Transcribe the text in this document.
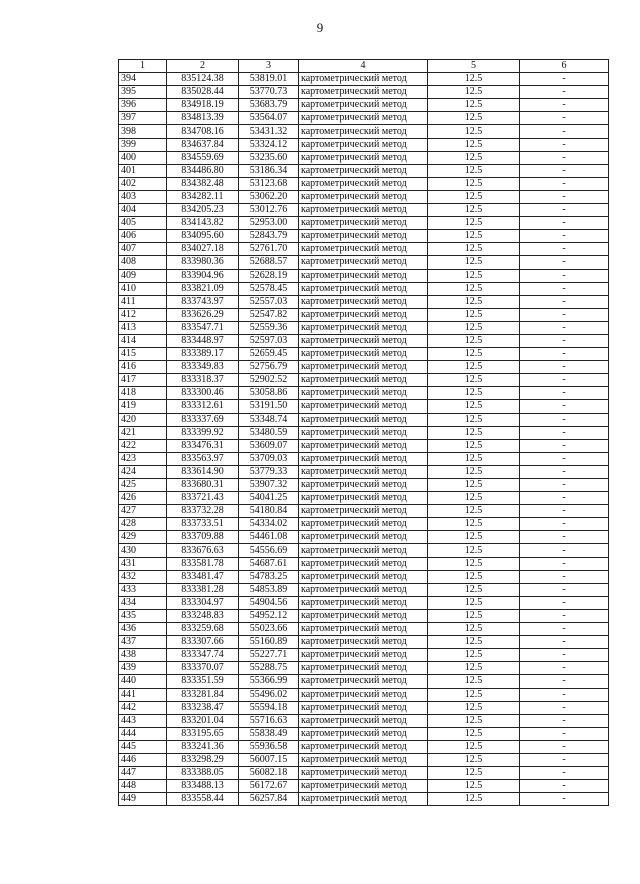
9
1	2	3	4	5	6
394	835124.38	53819.01	картометрический метод	12.5	-
395	835028.44	53770.73	картометрический метод	12.5	-
396	834918.19	53683.79	картометрический метод	12.5	-
397	834813.39	53564.07	картометрический метод	12.5	-
398	834708.16	53431.32	картометрический метод	12.5	-
399	834637.84	53324.12	картометрический метод	12.5	-
400	834559.69	53235.60	картометрический метод	12.5	-
401	834486.80	53186.34	картометрический метод	12.5	-
402	834382.48	53123.68	картометрический метод	12.5	-
403	834282.11	53062.20	картометрический метод	12.5	-
404	834205.23	53012.76	картометрический метод	12.5	-
405	834143.82	52953.00	картометрический метод	12.5	-
406	834095.60	52843.79	картометрический метод	12.5	-
407	834027.18	52761.70	картометрический метод	12.5	-
408	833980.36	52688.57	картометрический метод	12.5	-
409	833904.96	52628.19	картометрический метод	12.5	-
410	833821.09	52578.45	картометрический метод	12.5	-
411	833743.97	52557.03	картометрический метод	12.5	-
412	833626.29	52547.82	картометрический метод	12.5	-
413	833547.71	52559.36	картометрический метод	12.5	-
414	833448.97	52597.03	картометрический метод	12.5	-
415	833389.17	52659.45	картометрический метод	12.5	-
416	833349.83	52756.79	картометрический метод	12.5	-
417	833318.37	52902.52	картометрический метод	12.5	-
418	833300.46	53058.86	картометрический метод	12.5	-
419	833312.61	53191.50	картометрический метод	12.5	-
420	833337.69	53348.74	картометрический метод	12.5	-
421	833399.92	53480.59	картометрический метод	12.5	-
422	833476.31	53609.07	картометрический метод	12.5	-
423	833563.97	53709.03	картометрический метод	12.5	-
424	833614.90	53779.33	картометрический метод	12.5	-
425	833680.31	53907.32	картометрический метод	12.5	-
426	833721.43	54041.25	картометрический метод	12.5	-
427	833732.28	54180.84	картометрический метод	12.5	-
428	833733.51	54334.02	картометрический метод	12.5	-
429	833709.88	54461.08	картометрический метод	12.5	-
430	833676.63	54556.69	картометрический метод	12.5	-
431	833581.78	54687.61	картометрический метод	12.5	-
432	833481.47	54783.25	картометрический метод	12.5	-
433	833381.28	54853.89	картометрический метод	12.5	-
434	833304.97	54904.56	картометрический метод	12.5	-
435	833248.83	54952.12	картометрический метод	12.5	-
436	833259.68	55023.66	картометрический метод	12.5	-
437	833307.66	55160.89	картометрический метод	12.5	-
438	833347.74	55227.71	картометрический метод	12.5	-
439	833370.07	55288.75	картометрический метод	12.5	-
440	833351.59	55366.99	картометрический метод	12.5	-
441	833281.84	55496.02	картометрический метод	12.5	-
442	833238.47	55594.18	картометрический метод	12.5	-
443	833201.04	55716.63	картометрический метод	12.5	-
444	833195.65	55838.49	картометрический метод	12.5	-
445	833241.36	55936.58	картометрический метод	12.5	-
446	833298.29	56007.15	картометрический метод	12.5	-
447	833388.05	56082.18	картометрический метод	12.5	-
448	833488.13	56172.67	картометрический метод	12.5	-
449	833558.44	56257.84	картометрический метод	12.5	-
